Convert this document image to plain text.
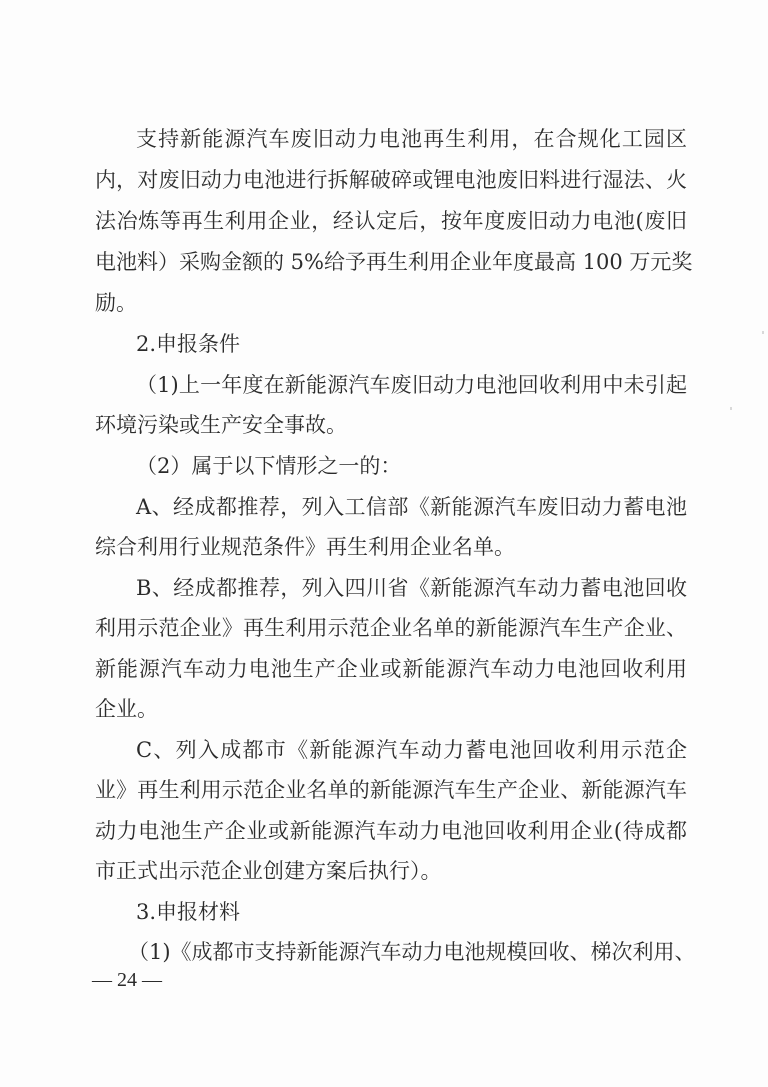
支持新能源汽车废旧动力电池再生利用，在合规化工园区
内，对废旧动力电池进行拆解破碎或锂电池废旧料进行湿法、火
法冶炼等再生利用企业，经认定后，按年度废旧动力电池(废旧
电池料）采购金额的 5%给予再生利用企业年度最高 100 万元奖
励。
2.申报条件
（1)上一年度在新能源汽车废旧动力电池回收利用中未引起
环境污染或生产安全事故。
（2）属于以下情形之一的：
A、经成都推荐，列入工信部《新能源汽车废旧动力蓄电池
综合利用行业规范条件》再生利用企业名单。
B、经成都推荐，列入四川省《新能源汽车动力蓄电池回收
利用示范企业》再生利用示范企业名单的新能源汽车生产企业、
新能源汽车动力电池生产企业或新能源汽车动力电池回收利用
企业。
C、列入成都市《新能源汽车动力蓄电池回收利用示范企
业》再生利用示范企业名单的新能源汽车生产企业、新能源汽车
动力电池生产企业或新能源汽车动力电池回收利用企业(待成都
市正式出示范企业创建方案后执行）。
3.申报材料
（1)《成都市支持新能源汽车动力电池规模回收、梯次利用、
— 24 —
